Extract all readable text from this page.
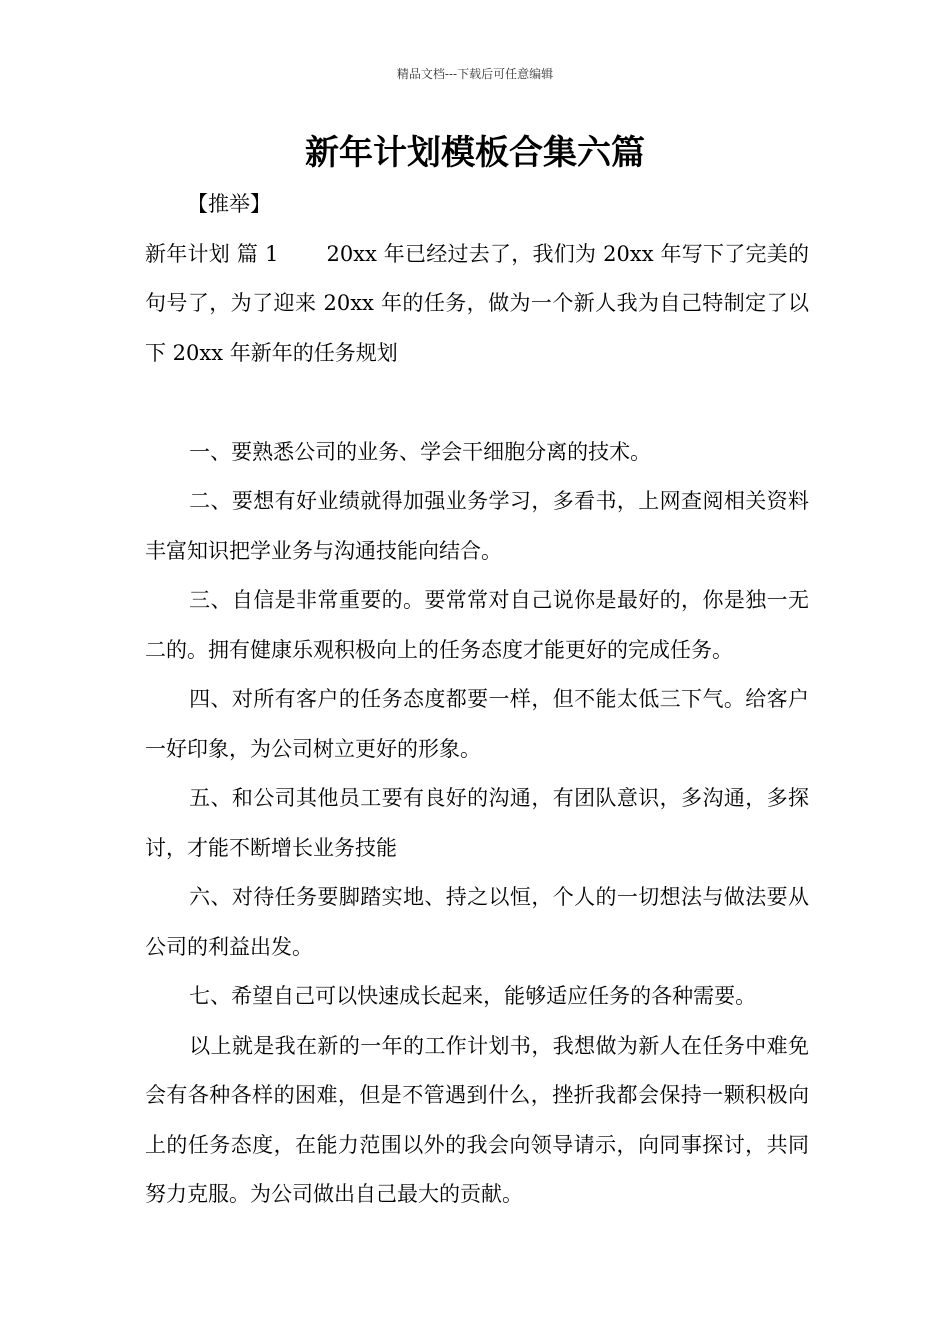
精品文档---下载后可任意编辑
新年计划模板合集六篇

【推举】

新年计划 篇 1 20xx 年已经过去了，我们为 20xx 年写下了完美的句号了，为了迎来 20xx 年的任务，做为一个新人我为自己特制定了以下 20xx 年新年的任务规划

一、要熟悉公司的业务、学会干细胞分离的技术。

二、要想有好业绩就得加强业务学习，多看书，上网查阅相关资料丰富知识把学业务与沟通技能向结合。

三、自信是非常重要的。要常常对自己说你是最好的，你是独一无二的。拥有健康乐观积极向上的任务态度才能更好的完成任务。

四、对所有客户的任务态度都要一样，但不能太低三下气。给客户一好印象，为公司树立更好的形象。

五、和公司其他员工要有良好的沟通，有团队意识，多沟通，多探讨，才能不断增长业务技能

六、对待任务要脚踏实地、持之以恒，个人的一切想法与做法要从公司的利益出发。

七、希望自己可以快速成长起来，能够适应任务的各种需要。

以上就是我在新的一年的工作计划书，我想做为新人在任务中难免会有各种各样的困难，但是不管遇到什么，挫折我都会保持一颗积极向上的任务态度，在能力范围以外的我会向领导请示，向同事探讨，共同努力克服。为公司做出自己最大的贡献。
